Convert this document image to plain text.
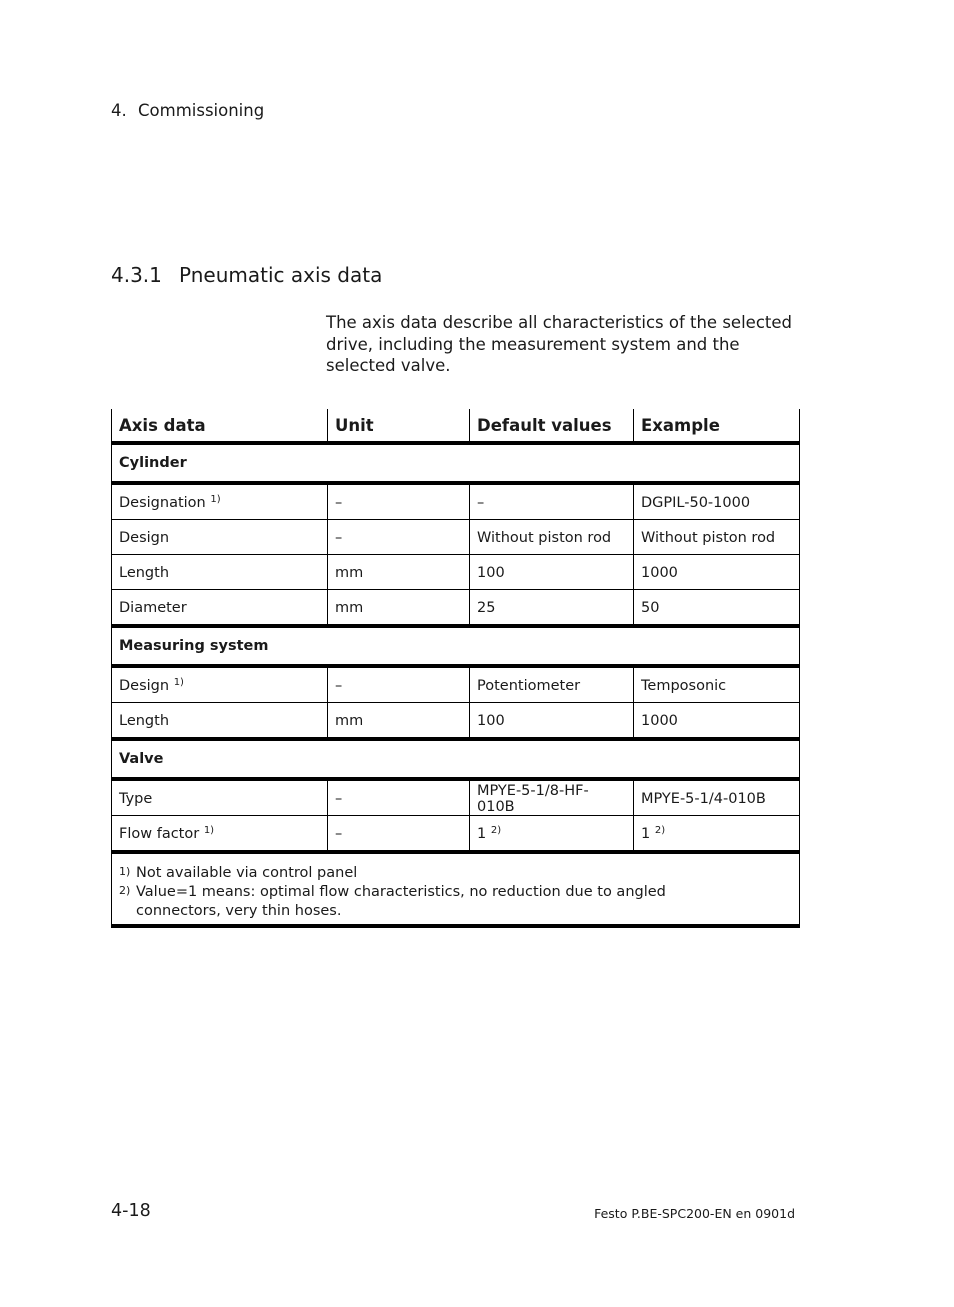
4. Commissioning
4.3.1 Pneumatic axis data

The axis data describe all characteristics of the selected drive, including the measurement system and the selected valve.

Axis data	Unit	Default values	Example
Cylinder			
Designation $^{1)}$	–	–	DGPIL-50-1000
Design	–	Without piston rod	Without piston rod
Length	mm	100	1000
Diameter	mm	25	50
Measuring system			
Design $^{1)}$	–	Potentiometer	Temposonic
Length	mm	100	1000
Valve			
Type	–	MPYE-5-1/8-HF-010B	MPYE-5-1/4-010B
Flow factor $^{1)}$	–	1 $^{2)}$	1 $^{2)}$

1) Not available via control panel
2) Value=1 means: optimal flow characteristics, no reduction due to angled connectors, very thin hoses.			
4-18	Festo P.BE-SPC200-EN en 0901d
